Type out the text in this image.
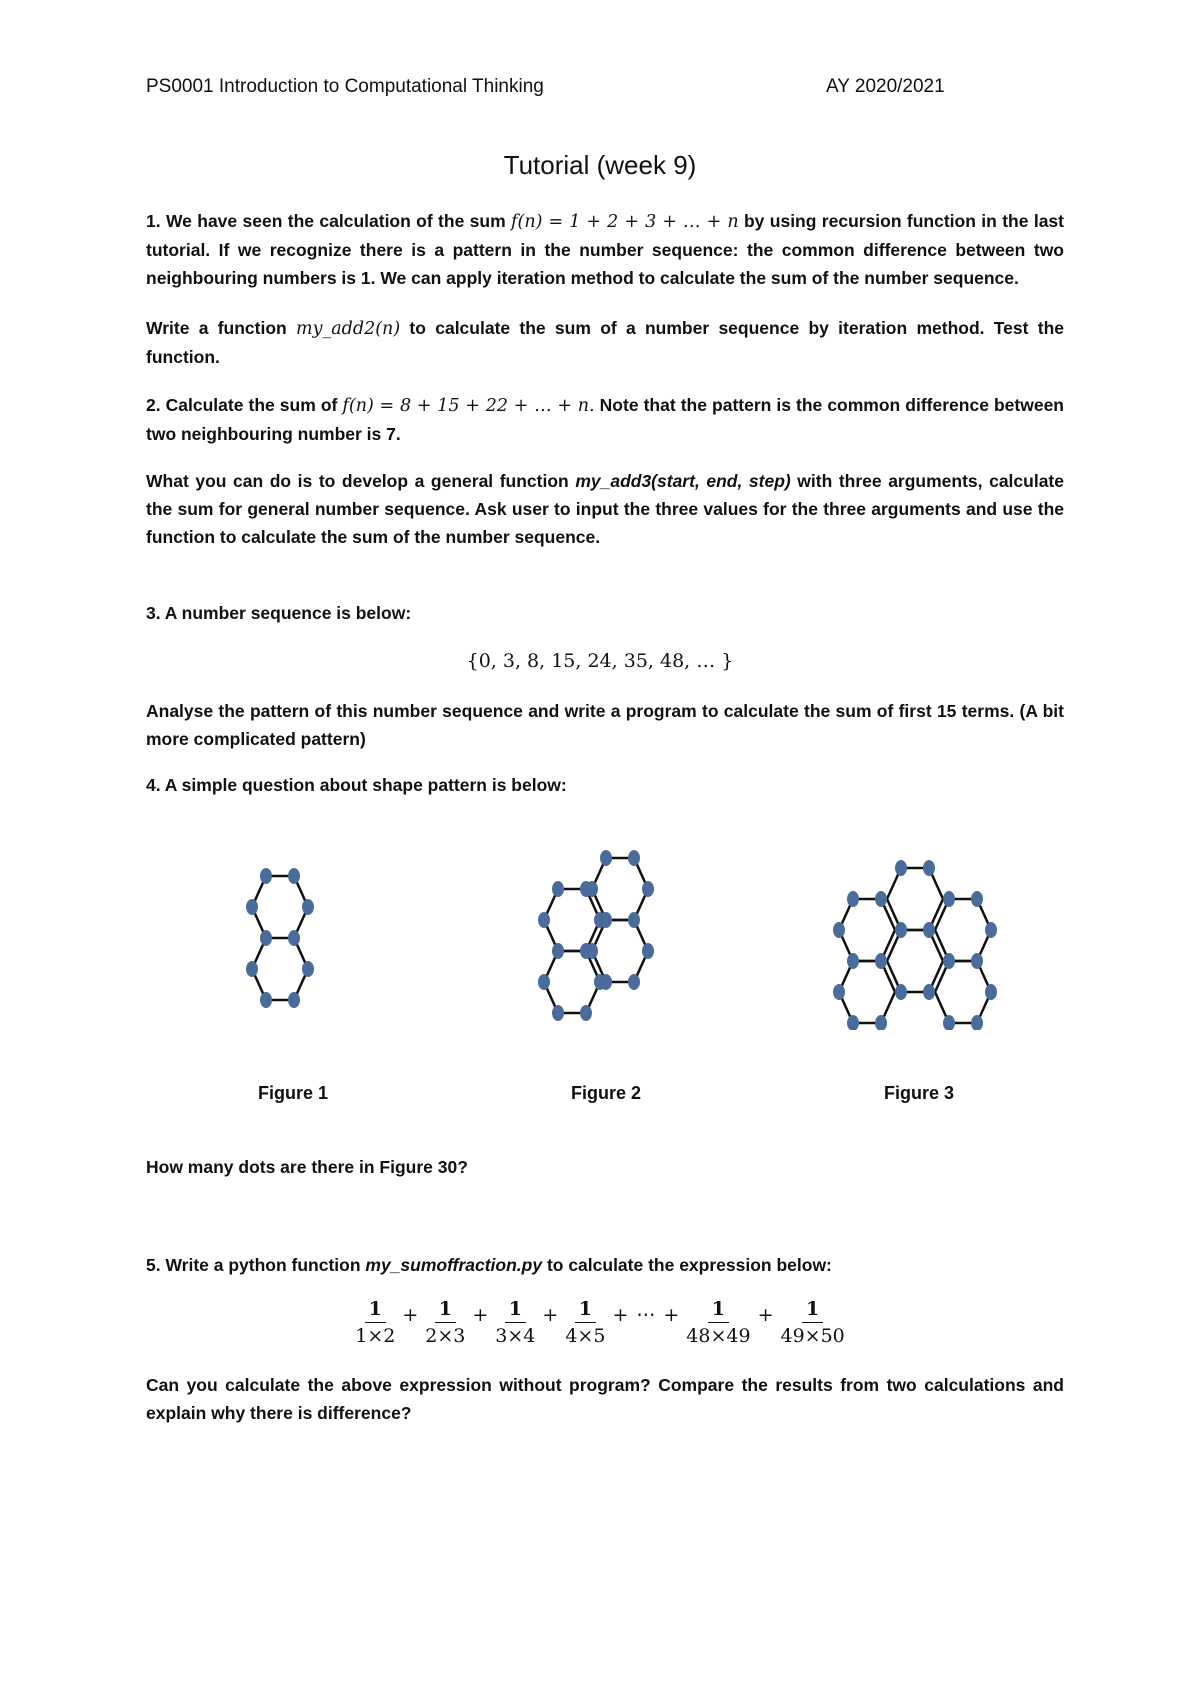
PS0001 Introduction to Computational Thinking	AY 2020/2021
Tutorial (week 9)
1. We have seen the calculation of the sum f(n) = 1 + 2 + 3 + … + n by using recursion function in the last tutorial. If we recognize there is a pattern in the number sequence: the common difference between two neighbouring numbers is 1. We can apply iteration method to calculate the sum of the number sequence.
Write a function my_add2(n) to calculate the sum of a number sequence by iteration method. Test the function.
2. Calculate the sum of f(n) = 8 + 15 + 22 + … + n. Note that the pattern is the common difference between two neighbouring number is 7.
What you can do is to develop a general function my_add3(start, end, step) with three arguments, calculate the sum for general number sequence. Ask user to input the three values for the three arguments and use the function to calculate the sum of the number sequence.
3. A number sequence is below:
{0, 3, 8, 15, 24, 35, 48, … }
Analyse the pattern of this number sequence and write a program to calculate the sum of first 15 terms. (A bit more complicated pattern)
4. A simple question about shape pattern is below:
Figure 1	Figure 2	Figure 3
How many dots are there in Figure 30?
5. Write a python function my_sumoffraction.py to calculate the expression below:
$\frac{1}{1\times 2} + \frac{1}{2\times 3} + \frac{1}{3\times 4} + \frac{1}{4\times 5}$ + ⋯ + $\frac{1}{48\times 49} + \frac{1}{49\times 50}$
Can you calculate the above expression without program? Compare the results from two calculations and explain why there is difference?
